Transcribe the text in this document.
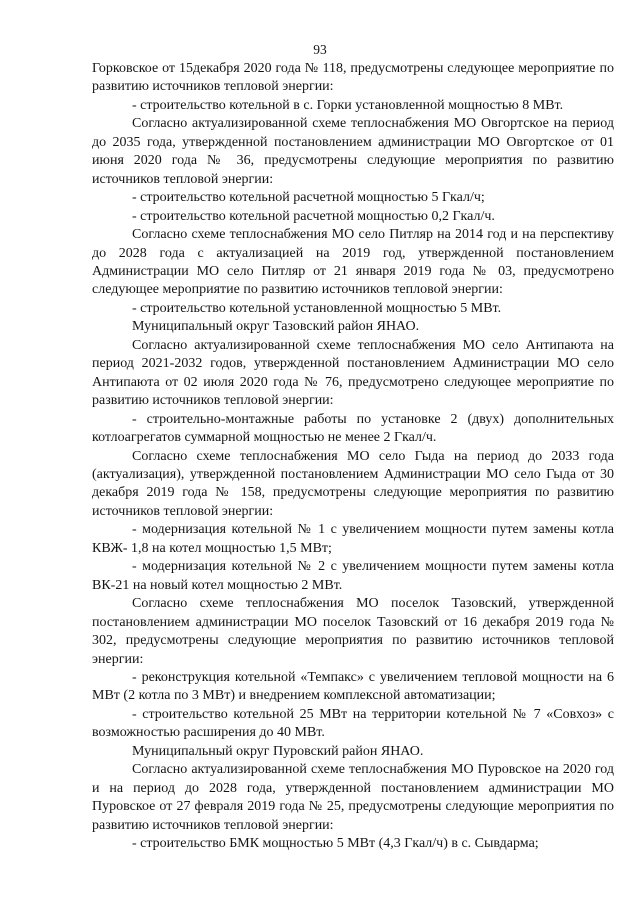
93

Горковское от 15декабря 2020 года № 118, предусмотрены следующее мероприятие по развитию источников тепловой энергии:

- строительство котельной в с. Горки установленной мощностью 8 МВт.

Согласно актуализированной схеме теплоснабжения МО Овгортское на период до 2035 года, утвержденной постановлением администрации МО Овгортское от 01 июня 2020 года № 36, предусмотрены следующие мероприятия по развитию источников тепловой энергии:

- строительство котельной расчетной мощностью 5 Гкал/ч;

- строительство котельной расчетной мощностью 0,2 Гкал/ч.

Согласно схеме теплоснабжения МО село Питляр на 2014 год и на перспективу до 2028 года с актуализацией на 2019 год, утвержденной постановлением Администрации МО село Питляр от 21 января 2019 года № 03, предусмотрено следующее мероприятие по развитию источников тепловой энергии:

- строительство котельной установленной мощностью 5 МВт.

Муниципальный округ Тазовский район ЯНАО.

Согласно актуализированной схеме теплоснабжения МО село Антипаюта на период 2021-2032 годов, утвержденной постановлением Администрации МО село Антипаюта от 02 июля 2020 года № 76, предусмотрено следующее мероприятие по развитию источников тепловой энергии:

- строительно-монтажные работы по установке 2 (двух) дополнительных котлоагрегатов суммарной мощностью не менее 2 Гкал/ч.

Согласно схеме теплоснабжения МО село Гыда на период до 2033 года (актуализация), утвержденной постановлением Администрации МО село Гыда от 30 декабря 2019 года № 158, предусмотрены следующие мероприятия по развитию источников тепловой энергии:

- модернизация котельной № 1 с увеличением мощности путем замены котла КВЖ- 1,8 на котел мощностью 1,5 МВт;

- модернизация котельной № 2 с увеличением мощности путем замены котла ВК-21 на новый котел мощностью 2 МВт.

Согласно схеме теплоснабжения МО поселок Тазовский, утвержденной постановлением администрации МО поселок Тазовский от 16 декабря 2019 года № 302, предусмотрены следующие мероприятия по развитию источников тепловой энергии:

- реконструкция котельной «Темпакс» с увеличением тепловой мощности на 6 МВт (2 котла по 3 МВт) и внедрением комплексной автоматизации;

- строительство котельной 25 МВт на территории котельной № 7 «Совхоз» с возможностью расширения до 40 МВт.

Муниципальный округ Пуровский район ЯНАО.

Согласно актуализированной схеме теплоснабжения МО Пуровское на 2020 год и на период до 2028 года, утвержденной постановлением администрации МО Пуровское от 27 февраля 2019 года № 25, предусмотрены следующие мероприятия по развитию источников тепловой энергии:

- строительство БМК мощностью 5 МВт (4,3 Гкал/ч) в с. Сывдарма;
